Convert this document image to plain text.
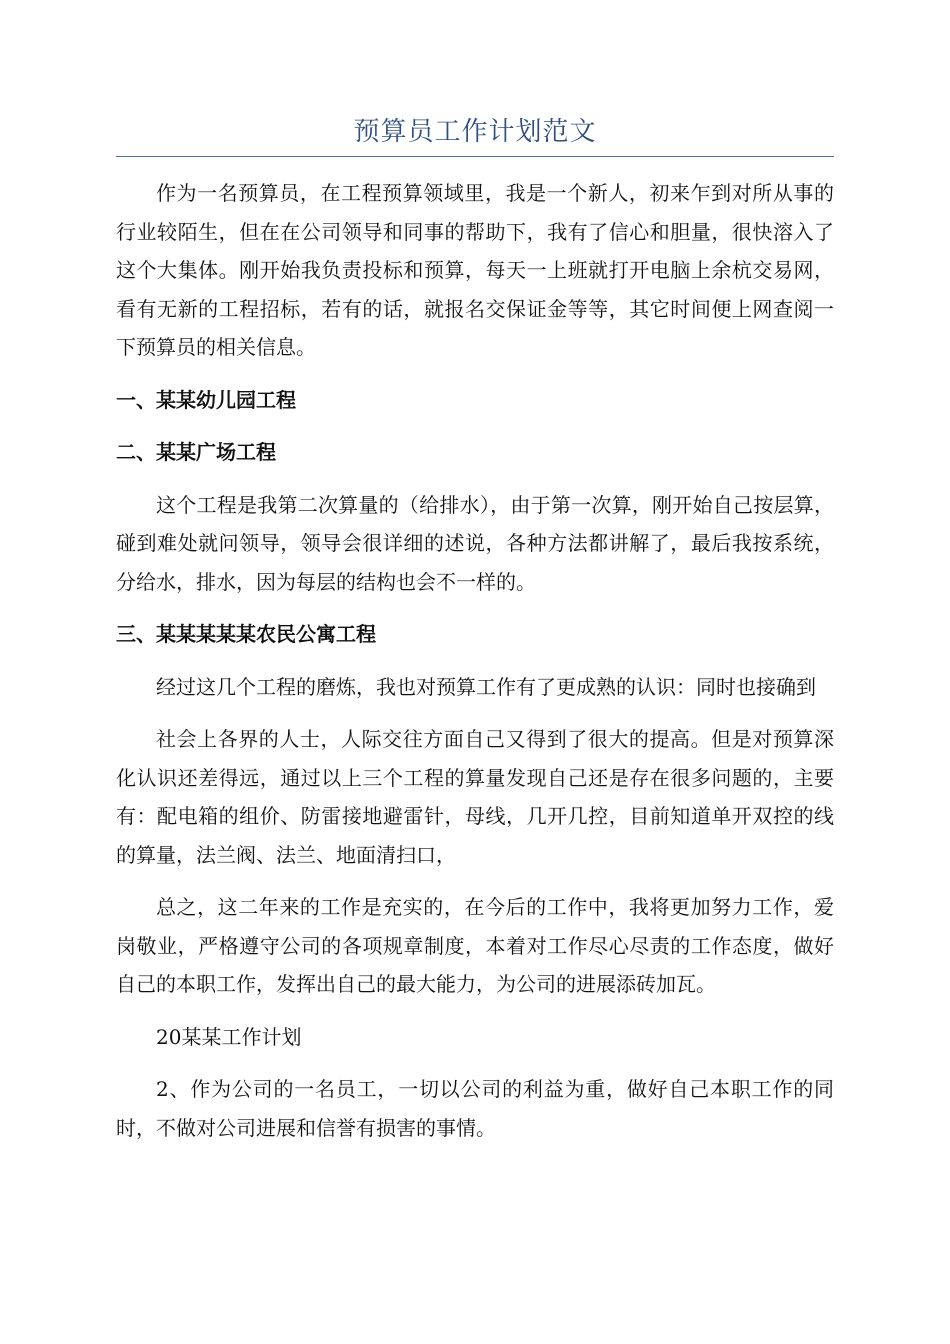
预算员工作计划范文

作为一名预算员，在工程预算领域里，我是一个新人，初来乍到对所从事的行业较陌生，但在在公司领导和同事的帮助下，我有了信心和胆量，很快溶入了这个大集体。刚开始我负责投标和预算，每天一上班就打开电脑上余杭交易网，看有无新的工程招标，若有的话，就报名交保证金等等，其它时间便上网查阅一下预算员的相关信息。

一、某某幼儿园工程

二、某某广场工程

这个工程是我第二次算量的（给排水），由于第一次算，刚开始自己按层算，碰到难处就问领导，领导会很详细的述说，各种方法都讲解了，最后我按系统，分给水，排水，因为每层的结构也会不一样的。

三、某某某某某农民公寓工程

经过这几个工程的磨炼，我也对预算工作有了更成熟的认识：同时也接确到

社会上各界的人士，人际交往方面自己又得到了很大的提高。但是对预算深化认识还差得远，通过以上三个工程的算量发现自己还是存在很多问题的，主要有：配电箱的组价、防雷接地避雷针，母线，几开几控，目前知道单开双控的线的算量，法兰阀、法兰、地面清扫口，

总之，这二年来的工作是充实的，在今后的工作中，我将更加努力工作，爱岗敬业，严格遵守公司的各项规章制度，本着对工作尽心尽责的工作态度，做好自己的本职工作，发挥出自己的最大能力，为公司的进展添砖加瓦。

20某某工作计划

2、作为公司的一名员工，一切以公司的利益为重，做好自己本职工作的同时，不做对公司进展和信誉有损害的事情。
